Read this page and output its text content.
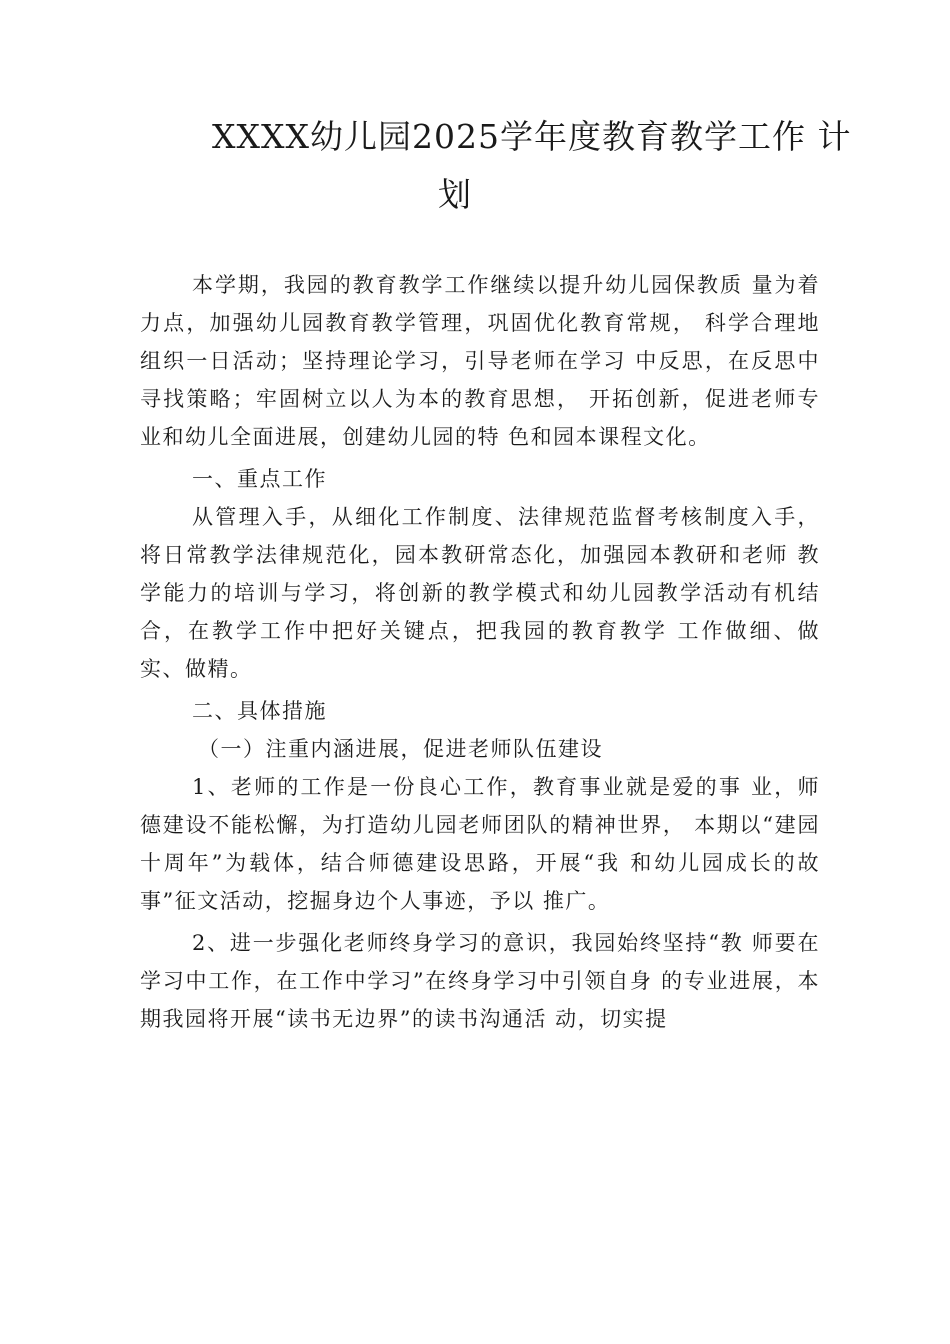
XXXX幼儿园2025学年度教育教学工作 计
划

本学期，我园的教育教学工作继续以提升幼儿园保教质 量为着力点，加强幼儿园教育教学管理，巩固优化教育常规， 科学合理地组织一日活动；坚持理论学习，引导老师在学习 中反思，在反思中寻找策略；牢固树立以人为本的教育思想， 开拓创新，促进老师专业和幼儿全面进展，创建幼儿园的特 色和园本课程文化。

一、重点工作

从管理入手，从细化工作制度、法律规范监督考核制度入手， 将日常教学法律规范化，园本教研常态化，加强园本教研和老师 教学能力的培训与学习，将创新的教学模式和幼儿园教学活动有机结合，在教学工作中把好关键点，把我园的教育教学 工作做细、做实、做精。

二、具体措施

（一）注重内涵进展，促进老师队伍建设

1、老师的工作是一份良心工作，教育事业就是爱的事 业，师德建设不能松懈，为打造幼儿园老师团队的精神世界， 本期以“建园十周年”为载体，结合师德建设思路，开展“我 和幼儿园成长的故事”征文活动，挖掘身边个人事迹，予以 推广。

2、进一步强化老师终身学习的意识，我园始终坚持“教 师要在学习中工作，在工作中学习”在终身学习中引领自身 的专业进展，本期我园将开展“读书无边界”的读书沟通活 动，切实提
